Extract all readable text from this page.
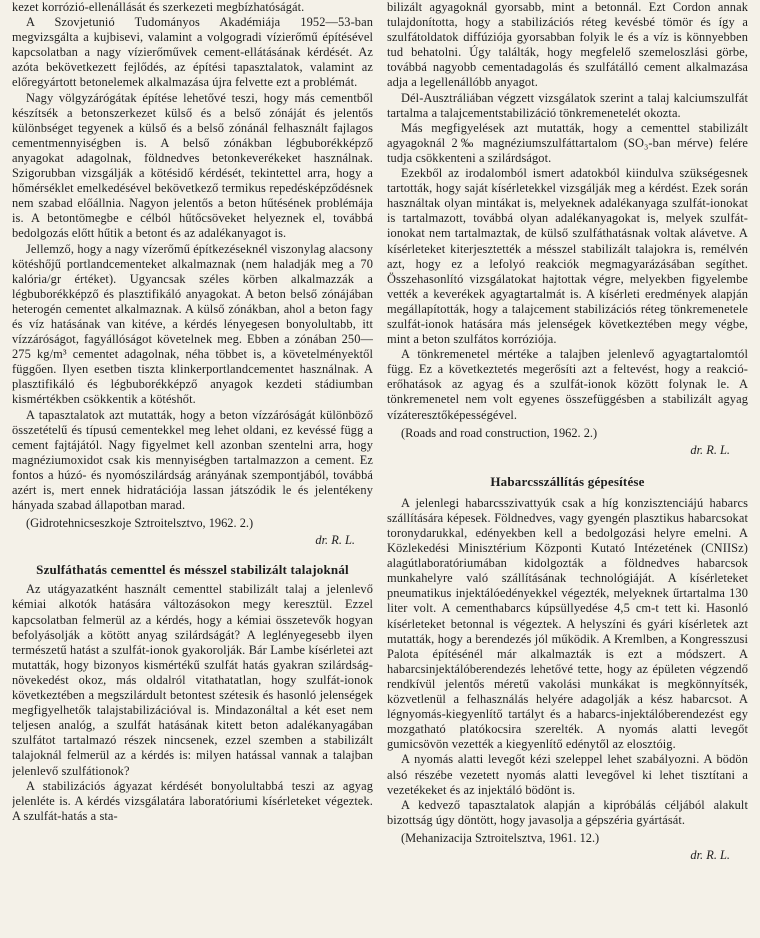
kezet korrózió-ellenállását és szerkezeti megbízhatóságát.

A Szovjetunió Tudományos Akadémiája 1952—53-ban megvizsgálta a kujbisevi, valamint a volgogradi vízierőmű építésével kapcsolatban a nagy vízierőművek cement-ellátásának kérdését. Az azóta bekövetkezett fejlődés, az építési tapasztalatok, valamint az előregyártott betonelemek alkalmazása újra felvette ezt a problémát.

Nagy völgyzárógátak építése lehetővé teszi, hogy más cementből készítsék a betonszerkezet külső és a belső zónáját és jelentős különbséget tegyenek a külső és a belső zónánál felhasznált fajlagos cementmennyiségben is. A belső zónákban légbuborékképző anyagokat adagolnak, földnedves betonkeverékeket használnak. Szigorubban vizsgálják a kötésidő kérdését, tekintettel arra, hogy a hőmérséklet emelkedésével bekövetkező termikus repedésképződésnek nem szabad előállnia. Nagyon jelentős a beton hűtésének problémája is. A betontömegbe e célból hűtőcsöveket helyeznek el, továbbá bedolgozás előtt hűtik a betont és az adalékanyagot is.

Jellemző, hogy a nagy vízerőmű építkezéseknél viszonylag alacsony kötéshőjű portlandcementeket alkalmaznak (nem haladják meg a 70 kalória/gr értéket). Ugyancsak széles körben alkalmazzák a légbuborékképző és plasztifikáló anyagokat. A beton belső zónájában heterogén cementet alkalmaznak. A külső zónákban, ahol a beton fagy és víz hatásának van kitéve, a kérdés lényegesen bonyolultabb, itt vízzáróságot, fagyállóságot követelnek meg. Ebben a zónában 250—275 kg/m³ cementet adagolnak, néha többet is, a követelményektől függően. Ilyen esetben tiszta klinkerportlandcementet használnak. A plasztifikáló és légbuborékképző anyagok kezdeti stádiumban kismértékben csökkentik a kötéshőt.

A tapasztalatok azt mutatták, hogy a beton vízzáróságát különböző összetételű és típusú cementekkel meg lehet oldani, ez kevéssé függ a cement fajtájától. Nagy figyelmet kell azonban szentelni arra, hogy magnéziumoxidot csak kis mennyiségben tartalmazzon a cement. Ez fontos a húzó- és nyomószilárdság arányának szempontjából, továbbá azért is, mert ennek hidratációja lassan játszódik le és jelentékeny hányada szabad állapotban marad.

(Gidrotehnicseszkoje Sztroitelsztvo, 1962. 2.)

dr. R. L.

Szulfáthatás cementtel és mésszel stabilizált talajoknál

Az utágyazatként használt cementtel stabilizált talaj a jelenlevő kémiai alkotók hatására változásokon megy keresztül. Ezzel kapcsolatban felmerül az a kérdés, hogy a kémiai összetevők hogyan befolyásolják a kötött anyag szilárdságát? A leglényegesebb ilyen természetű hatást a szulfát-ionok gyakorolják. Bár Lambe kísérletei azt mutatták, hogy bizonyos kismértékű szulfát hatás gyakran szilárdság-növekedést okoz, más oldalról vitathatatlan, hogy szulfát-ionok következtében a megszilárdult betontest szétesik és hasonló jelenségek megfigyelhetők talajstabilizációval is. Mindazonáltal a két eset nem teljesen analóg, a szulfát hatásának kitett beton adalékanyagában szulfátot tartalmazó részek nincsenek, ezzel szemben a stabilizált talajoknál felmerül az a kérdés is: milyen hatással vannak a talajban jelenlevő szulfátionok?

A stabilizációs ágyazat kérdését bonyolultabbá teszi az agyag jelenléte is. A kérdés vizsgálatára laboratóriumi kísérleteket végeztek. A szulfát-hatás a sta-

bilizált agyagoknál gyorsabb, mint a betonnál. Ezt Cordon annak tulajdonította, hogy a stabilizációs réteg kevésbé tömör és így a szulfátoldatok diffúziója gyorsabban folyik le és a víz is könnyebben tud behatolni. Úgy találták, hogy megfelelő szemeloszlási görbe, továbbá nagyobb cementadagolás és szulfátálló cement alkalmazása adja a legellenállóbb anyagot.

Dél-Ausztráliában végzett vizsgálatok szerint a talaj kalciumszulfát tartalma a talajcementstabilizáció tönkremenetelét okozta.

Más megfigyelések azt mutatták, hogy a cementtel stabilizált agyagoknál 2‰ magnéziumszulfáttartalom (SO₃-ban mérve) felére tudja csökkenteni a szilárdságot.

Ezekből az irodalomból ismert adatokból kiindulva szükségesnek tartották, hogy saját kísérletekkel vizsgálják meg a kérdést. Ezek során használtak olyan mintákat is, melyeknek adalékanyaga szulfát-ionokat is tartalmazott, továbbá olyan adalékanyagokat is, melyek szulfát-ionokat nem tartalmaztak, de külső szulfáthatásnak voltak alávetve. A kísérleteket kiterjesztették a mésszel stabilizált talajokra is, remélvén azt, hogy ez a lefolyó reakciók megmagyarázásában segíthet. Összehasonlító vizsgálatokat hajtottak végre, melyekben figyelembe vették a keverékek agyagtartalmát is. A kísérleti eredmények alapján megállapították, hogy a talajcement stabilizációs réteg tönkremenetele szulfát-ionok hatására más jelenségek következtében megy végbe, mint a beton szulfátos korróziója.

A tönkremenetel mértéke a talajben jelenlevő agyagtartalomtól függ. Ez a következtetés megerősíti azt a feltevést, hogy a reakció-erőhatások az agyag és a szulfát-ionok között folynak le. A tönkremenetel nem volt egyenes összefüggésben a stabilizált agyag vízáteresztőképességével.

(Roads and road construction, 1962. 2.)

dr. R. L.

Habarcsszállítás gépesítése

A jelenlegi habarcsszivattyúk csak a híg konzisztenciájú habarcs szállítására képesek. Földnedves, vagy gyengén plasztikus habarcsokat toronydarukkal, edényekben kell a bedolgozási helyre emelni. A Közlekedési Minisztérium Központi Kutató Intézetének (CNIISz) alagútlaboratóriumában kidolgozták a földnedves habarcsok munkahelyre való szállításának technológiáját. A kísérleteket pneumatikus injektálóedényekkel végezték, melyeknek űrtartalma 130 liter volt. A cementhabarcs kúpsüllyedése 4,5 cm-t tett ki. Hasonló kísérleteket betonnal is végeztek. A helyszíni és gyári kísérletek azt mutatták, hogy a berendezés jól működik. A Kremlben, a Kongresszusi Palota építésénél már alkalmazták is ezt a módszert. A habarcsinjektálóberendezés lehetővé tette, hogy az épületen végzendő rendkívül jelentős méretű vakolási munkákat is megkönnyítsék, közvetlenül a felhasználás helyére adagolják a kész habarcsot. A légnyomás-kiegyenlítő tartályt és a habarcs-injektálóberendezést egy mozgatható platókocsira szerelték. A nyomás alatti levegőt gumicsövön vezették a kiegyenlítő edénytől az elosztóig.

A nyomás alatti levegőt kézi szeleppel lehet szabályozni. A bödön alsó részébe vezetett nyomás alatti levegővel ki lehet tisztítani a vezetékeket és az injektáló bödönt is.

A kedvező tapasztalatok alapján a kipróbálás céljából alakult bizottság úgy döntött, hogy javasolja a gépszéria gyártását.

(Mehanizacija Sztroitelsztva, 1961. 12.)

dr. R. L.
